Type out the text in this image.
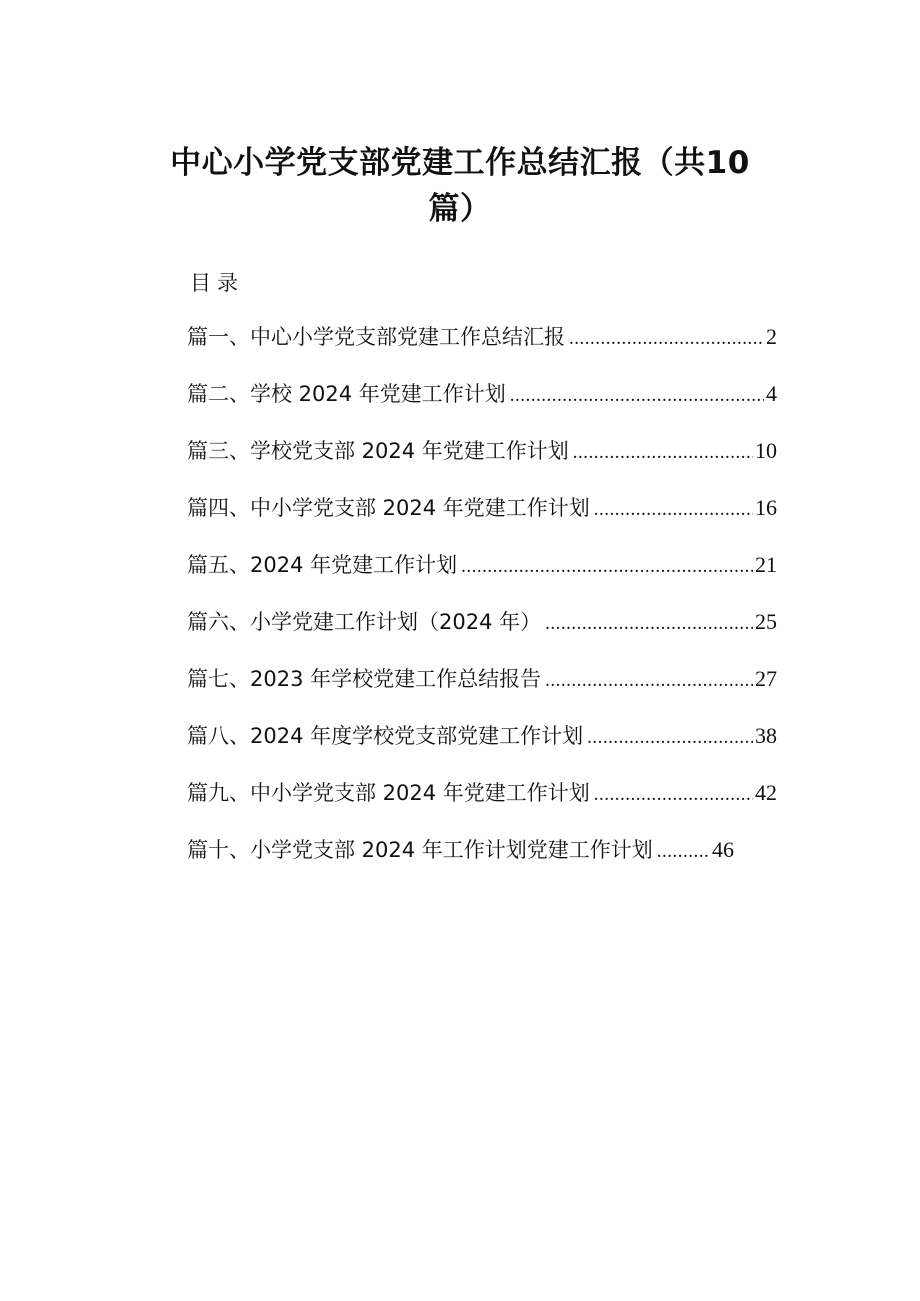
中心小学党支部党建工作总结汇报（共10篇）
目录
篇一、中心小学党支部党建工作总结汇报 .....	2
篇二、学校 2024 年党建工作计划 .....	4
篇三、学校党支部 2024 年党建工作计划 .....	10
篇四、中小学党支部 2024 年党建工作计划 .....	16
篇五、2024 年党建工作计划 .....	21
篇六、小学党建工作计划（2024 年） .....	25
篇七、2023 年学校党建工作总结报告 .....	27
篇八、2024 年度学校党支部党建工作计划 .....	38
篇九、中小学党支部 2024 年党建工作计划 .....	42
篇十、小学党支部 2024 年工作计划党建工作计划 .....	46
